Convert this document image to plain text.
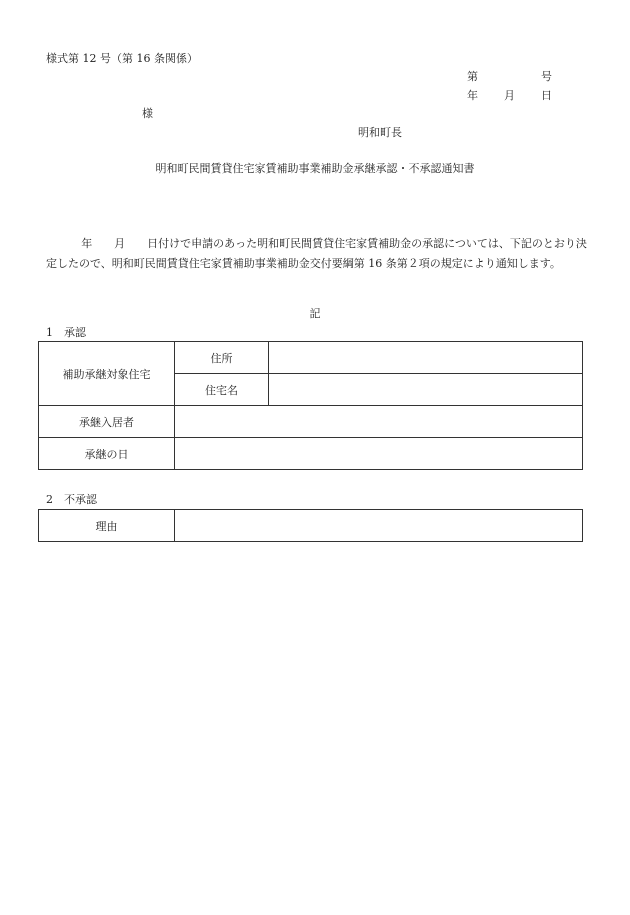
様式第 12 号（第 16 条関係）
第	号
年 月 日
様
明和町長
明和町民間賃貸住宅家賃補助事業補助金承継承認・不承認通知書
年　　月　　日付けで申請のあった明和町民間賃貸住宅家賃補助金の承認については、下記のとおり決定したので、明和町民間賃貸住宅家賃補助事業補助金交付要綱第 16 条第２項の規定により通知します。
記
1　承認
補助承継対象住宅	住所	
	住宅名	
承継入居者		
承継の日		
2　不承認
理由	
